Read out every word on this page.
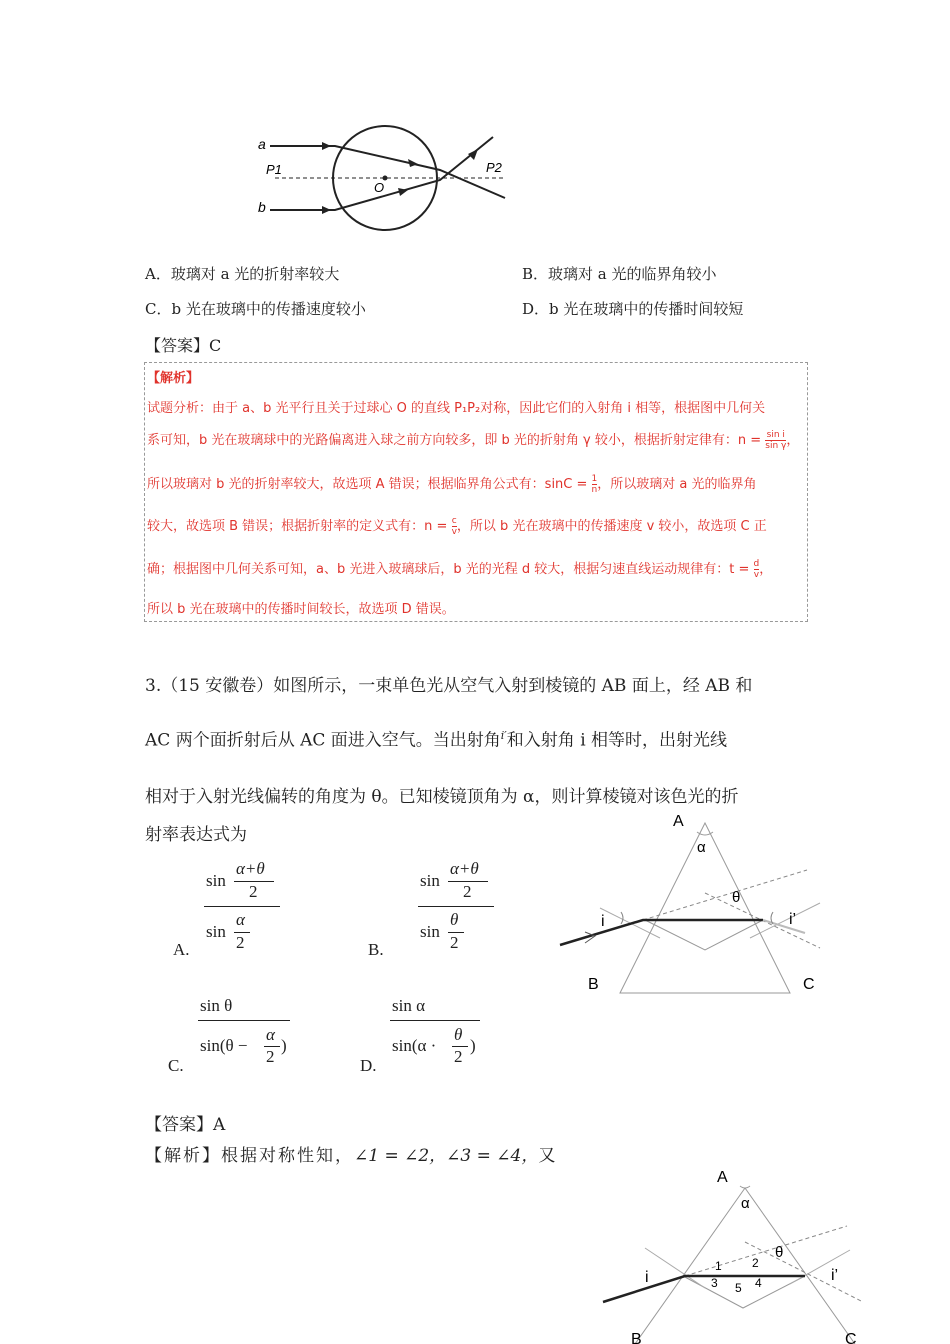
a
b
P1	P2
O
A．玻璃对 a 光的折射率较大	B．玻璃对 a 光的临界角较小
C．b 光在玻璃中的传播速度较小	D．b 光在玻璃中的传播时间较短
【答案】C
【解析】
试题分析：由于 a、b 光平行且关于过球心 O 的直线 P₁P₂对称，因此它们的入射角 i 相等，根据图中几何关
系可知，b 光在玻璃球中的光路偏离进入球之前方向较多，即 b 光的折射角 γ 较小，根据折射定律有：$n = \frac{\text{sin i}}{\text{sin γ}}$ ，
所以玻璃对 b 光的折射率较大，故选项 A 错误；根据临界角公式有：$\sin C = \frac{1}{n}$ ，所以玻璃对 a 光的临界角
较大，故选项 B 错误；根据折射率的定义式有：$n = \frac{c}{v}$ ，所以 b 光在玻璃中的传播速度 v 较小，故选项 C 正
确；根据图中几何关系可知，a、b 光进入玻璃球后，b 光的光程 d 较大，根据匀速直线运动规律有：$t = \frac{d}{v}$ ，
所以 b 光在玻璃中的传播时间较长，故选项 D 错误。
3.（15 安徽卷）如图所示，一束单色光从空气入射到棱镜的 AB 面上，经 AB 和
AC 两个面折射后从 AC 面进入空气。当出射角$^{i'}$和入射角 i 相等时，出射光线
相对于入射光线偏转的角度为 θ。已知棱镜顶角为 α，则计算棱镜对该色光的折
射率表达式为
sin
α+θ
2
sin
α
2
A.
sin
α+θ
2
sin
θ
2
B.
sin θ
sin(θ −
α
2
)
C.
sin α
sin(α ·
θ
2
)
D.
A
B	C
α
θ
i	i’
【答案】A
【解析】根据对称性知，∠1 = ∠2，∠3 = ∠4，又
A
B	C
α
θ
i	i’
1	2
3	4
5
